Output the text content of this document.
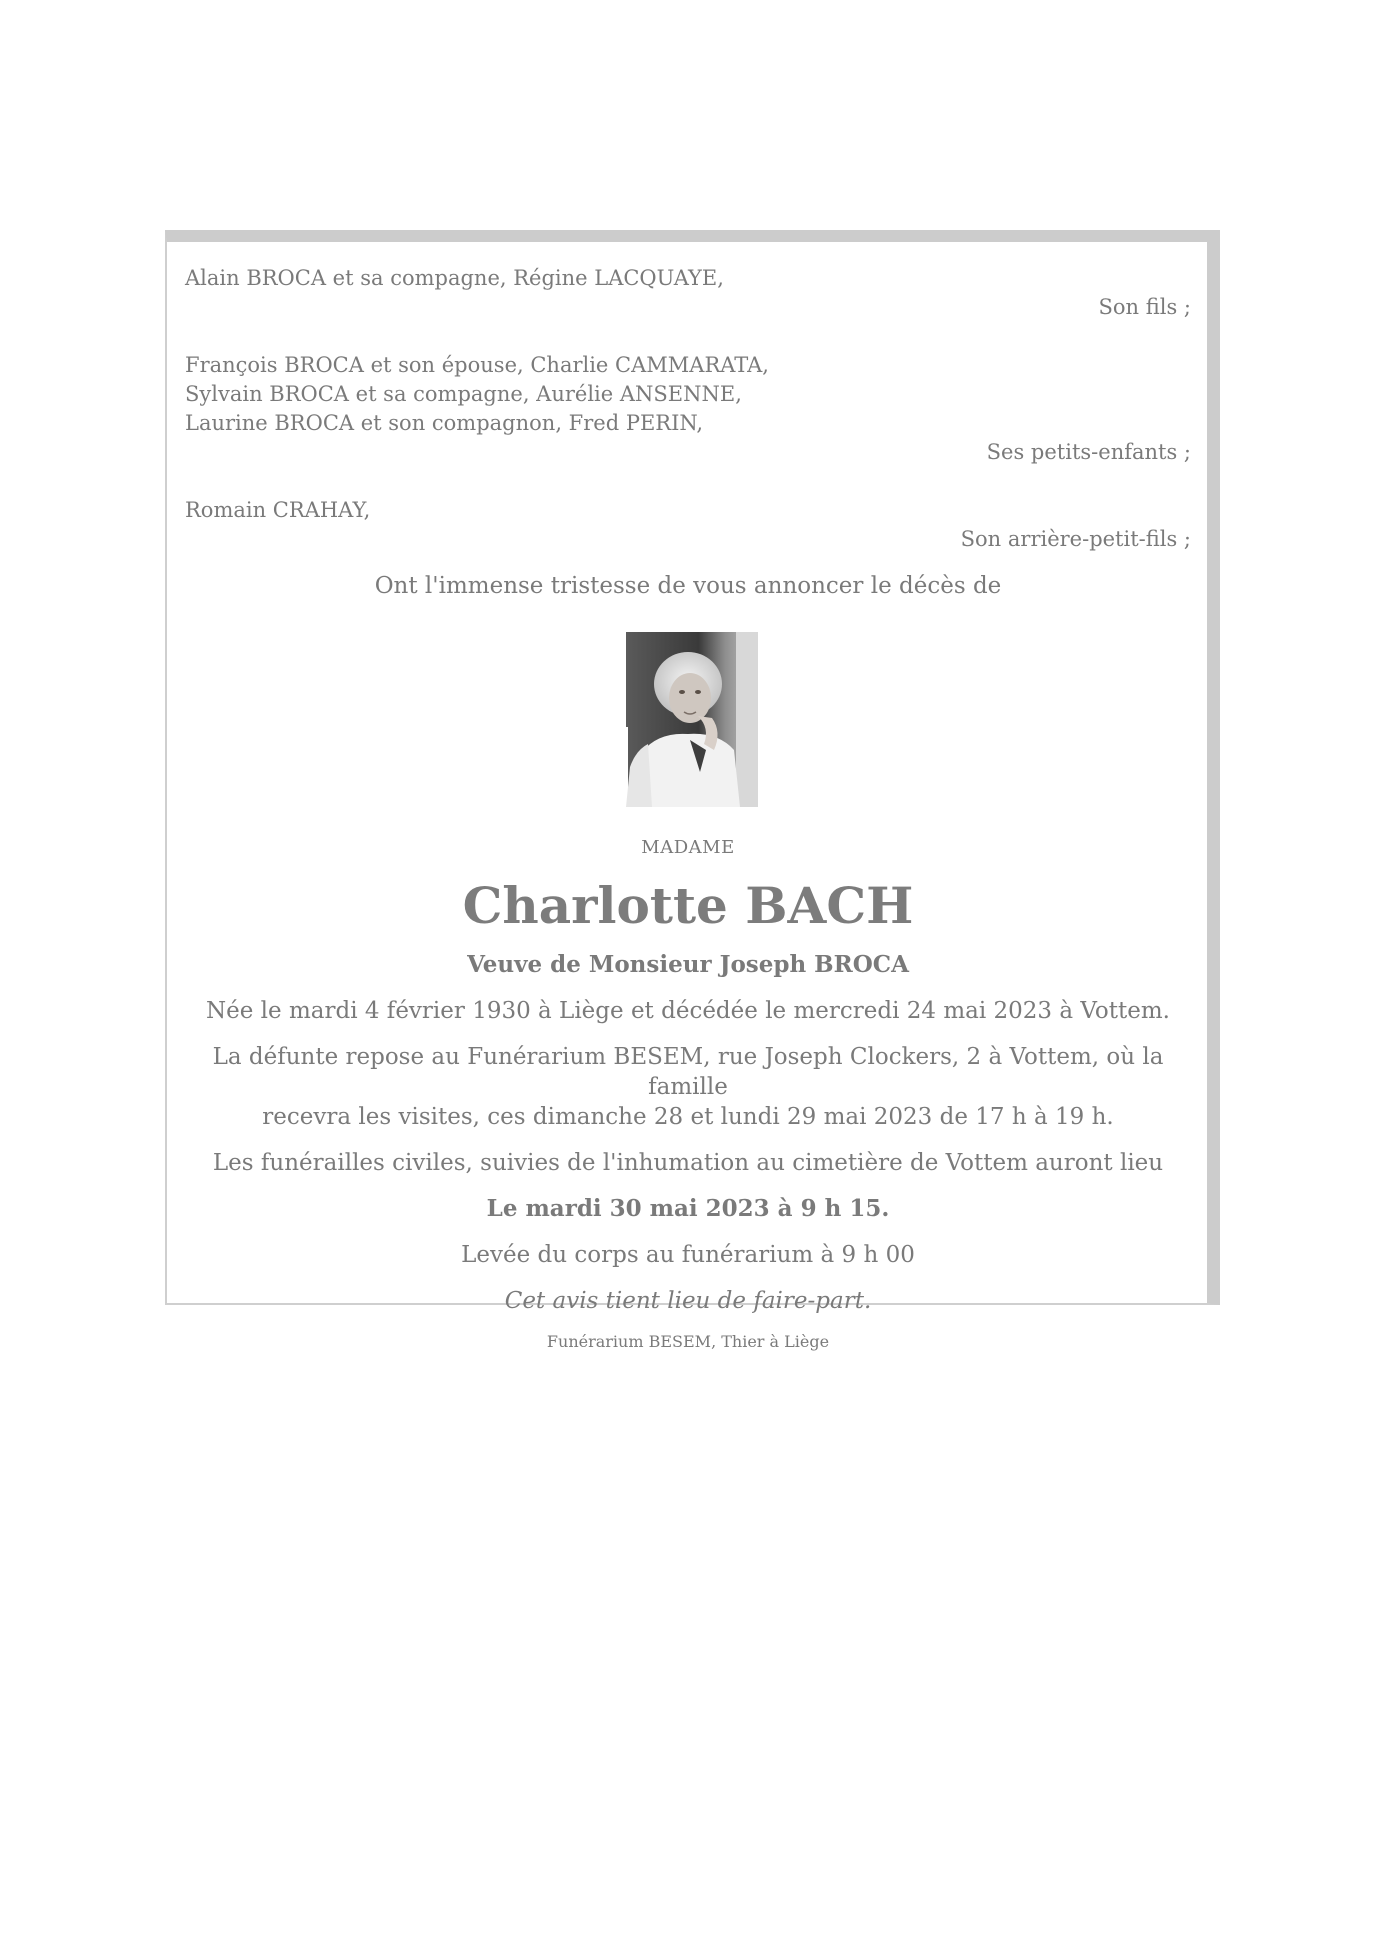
Alain BROCA et sa compagne, Régine LACQUAYE,
Son fils ;
François BROCA et son épouse, Charlie CAMMARATA,
Sylvain BROCA et sa compagne, Aurélie ANSENNE,
Laurine BROCA et son compagnon, Fred PERIN,
Ses petits-enfants ;
Romain CRAHAY,
Son arrière-petit-fils ;
Ont l'immense tristesse de vous annoncer le décès de
MADAME
Charlotte BACH
Veuve de Monsieur Joseph BROCA
Née le mardi 4 février 1930 à Liège et décédée le mercredi 24 mai 2023 à Vottem.
La défunte repose au Funérarium BESEM, rue Joseph Clockers, 2 à Vottem, où la famille
recevra les visites, ces dimanche 28 et lundi 29 mai 2023 de 17 h à 19 h.
Les funérailles civiles, suivies de l'inhumation au cimetière de Vottem auront lieu
Le mardi 30 mai 2023 à 9 h 15.
Levée du corps au funérarium à 9 h 00
Cet avis tient lieu de faire-part.
Funérarium BESEM, Thier à Liège
